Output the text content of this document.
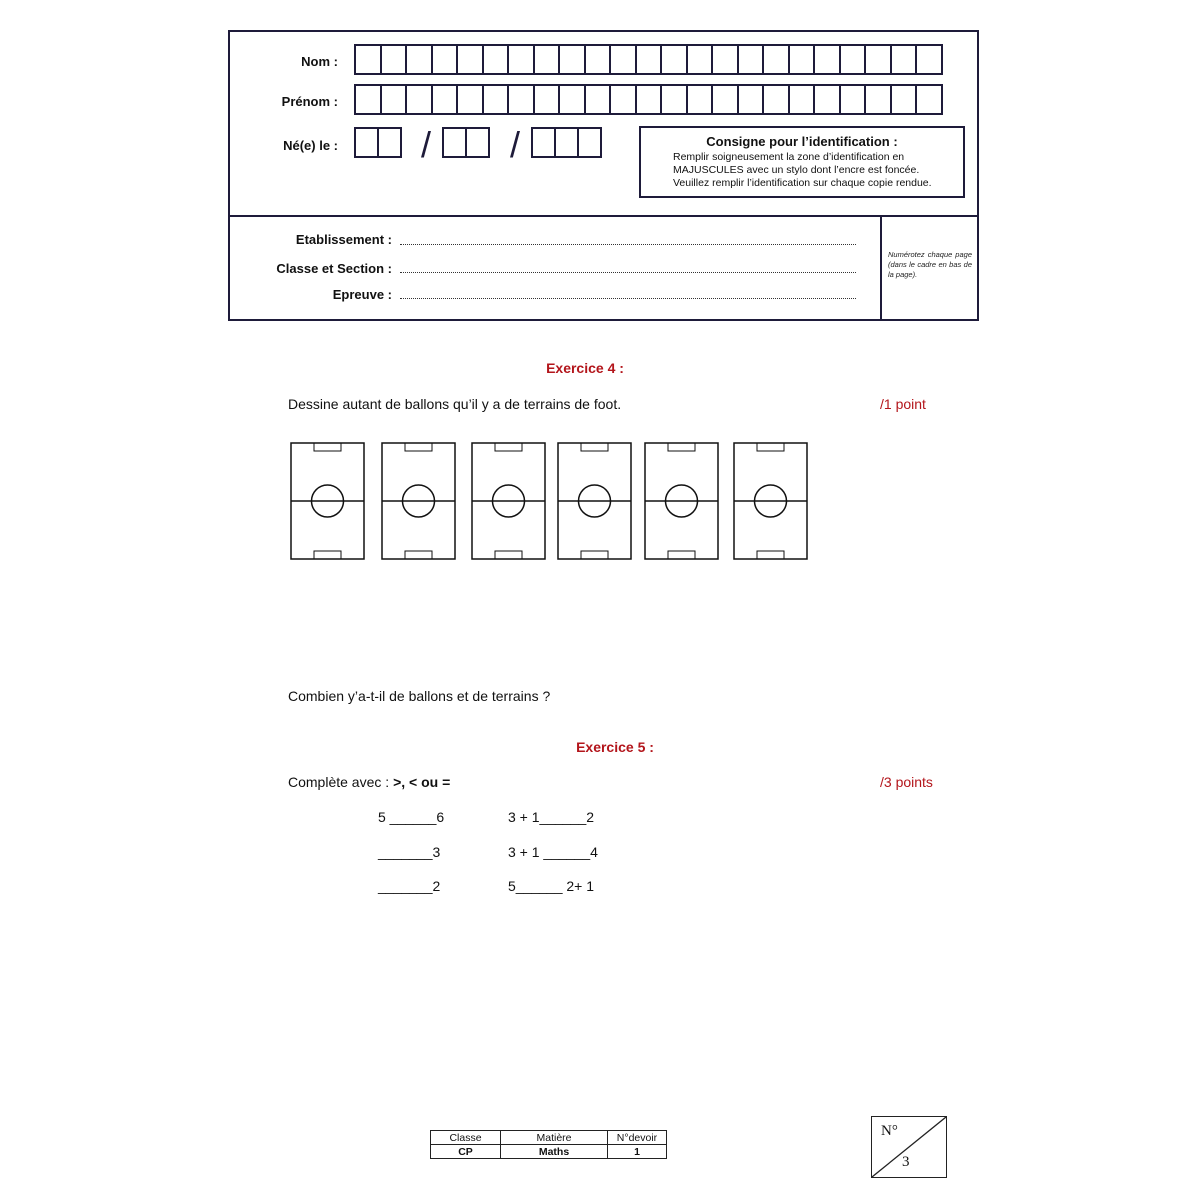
Nom :
Prénom :
Né(e) le : / /	Consigne pour l’identification :
Remplir soigneusement la zone d’identification en
MAJUSCULES avec un stylo dont l’encre est foncée.
Veuillez remplir l’identification sur chaque copie rendue.
Etablissement :
Classe et Section :
Epreuve :
Numérotez chaque page (dans le cadre en bas de la page).
Exercice 4 :
Dessine autant de ballons qu’il y a de terrains de foot.	/1 point
Combien y’a-t-il de ballons et de terrains ?
Exercice 5 :
Complète avec : >, < ou =	/3 points
5 ______6	3 + 1______2
_______3	3 + 1 ______4
_______2	5______ 2+ 1
Classe	Matière	N°devoir
CP	Maths	1
N°
3
